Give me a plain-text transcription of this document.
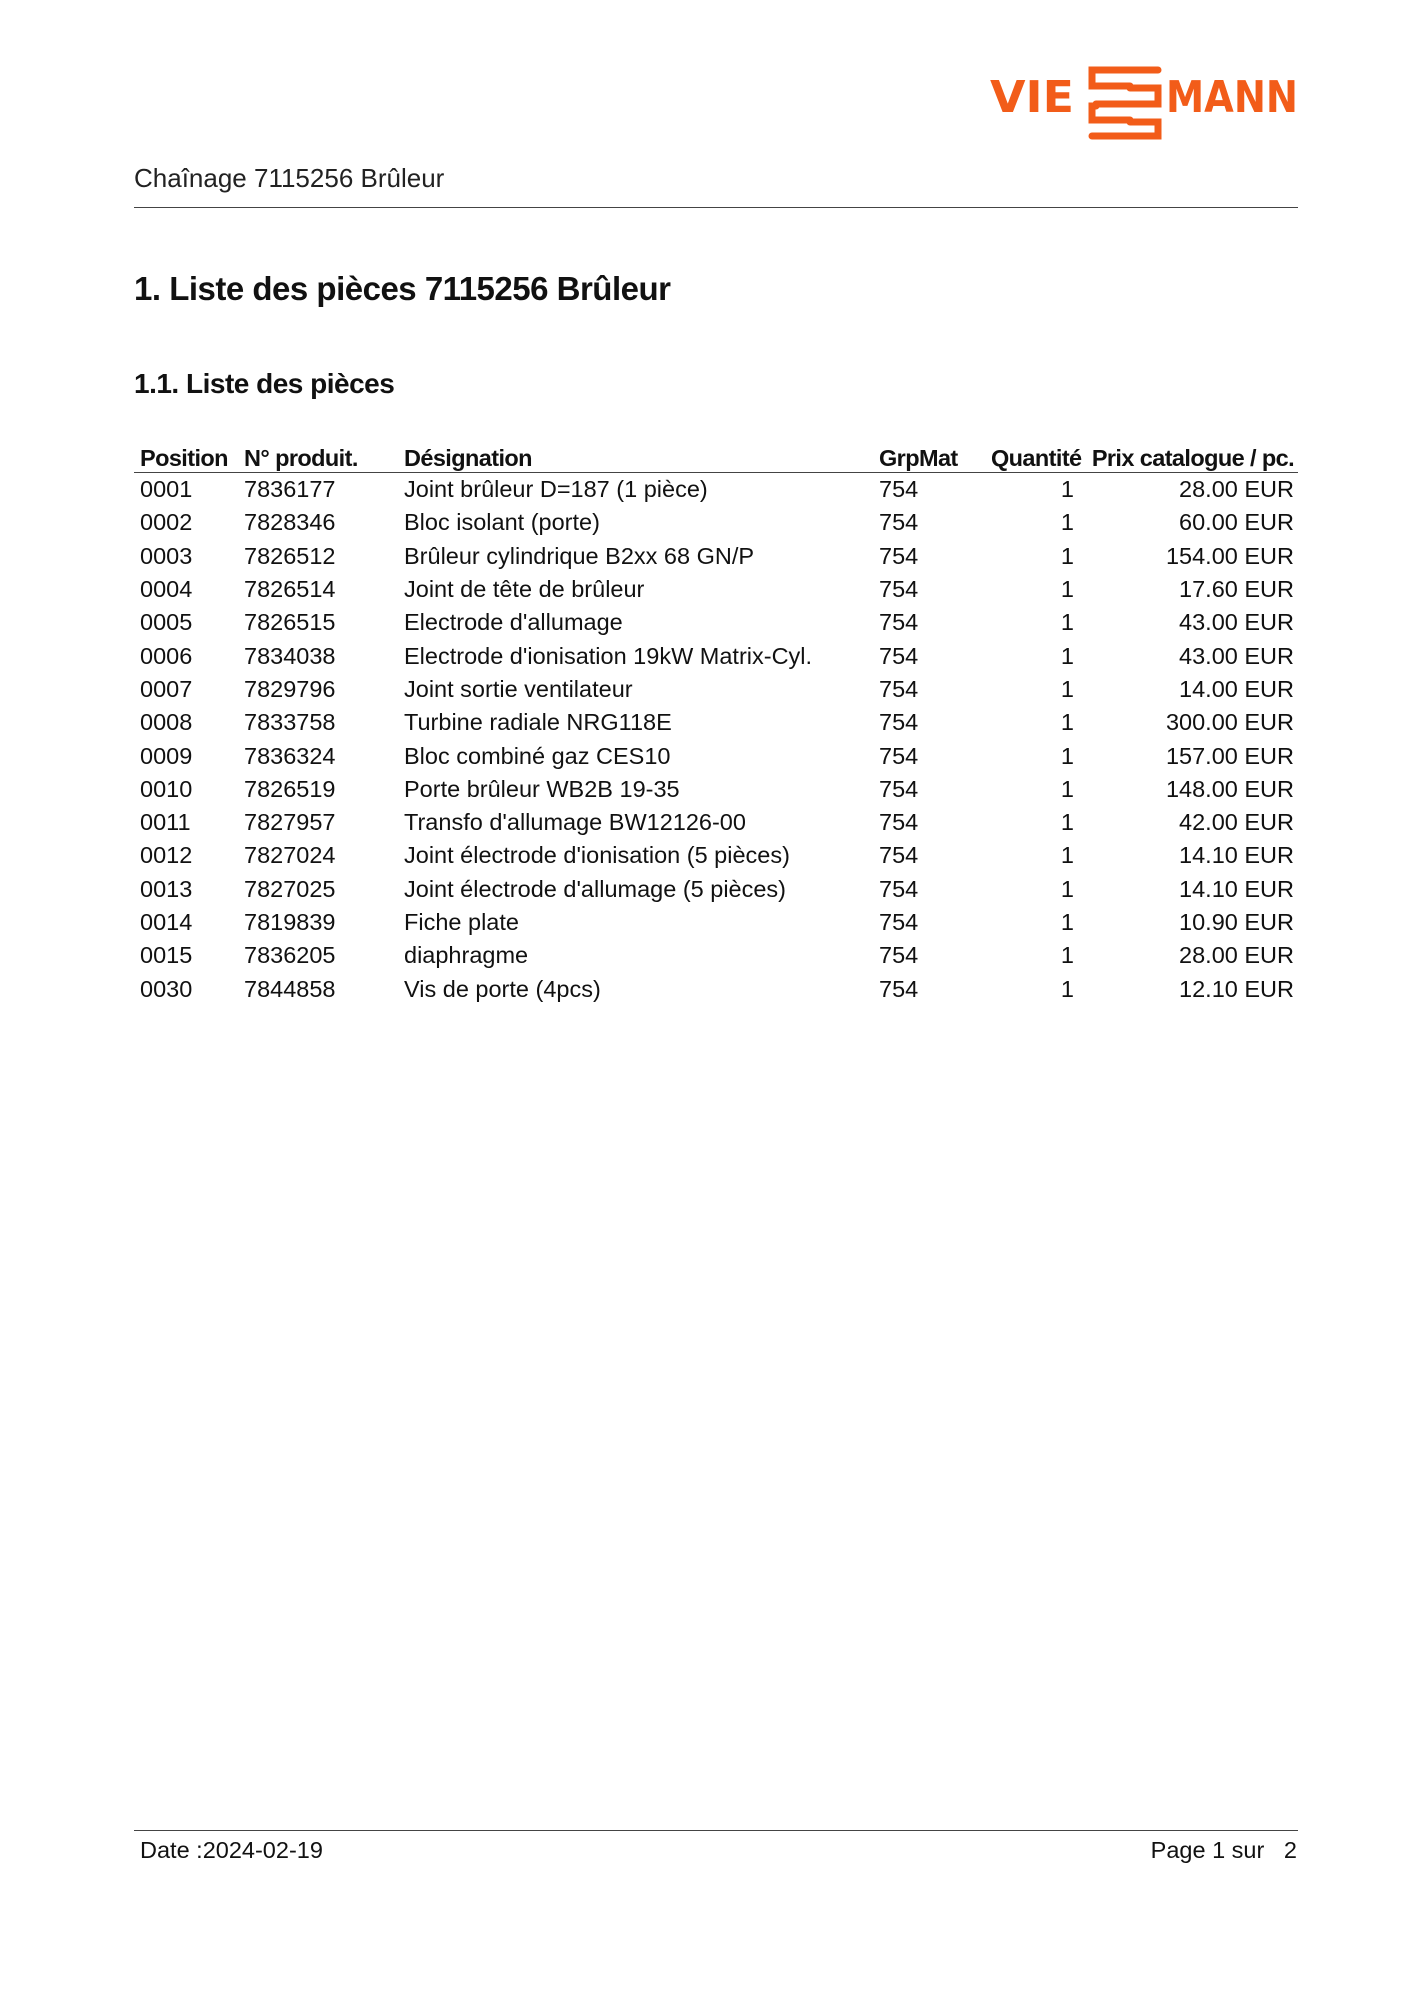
VIE MANN
Chaînage 7115256 Brûleur
1. Liste des pièces 7115256 Brûleur
1.1. Liste des pièces
Position	N° produit.	Désignation	GrpMat	Quantité	Prix catalogue / pc.
0001	7836177	Joint brûleur D=187 (1 pièce)	754	1	28.00 EUR
0002	7828346	Bloc isolant (porte)	754	1	60.00 EUR
0003	7826512	Brûleur cylindrique B2xx 68 GN/P	754	1	154.00 EUR
0004	7826514	Joint de tête de brûleur	754	1	17.60 EUR
0005	7826515	Electrode d'allumage	754	1	43.00 EUR
0006	7834038	Electrode d'ionisation 19kW Matrix-Cyl.	754	1	43.00 EUR
0007	7829796	Joint sortie ventilateur	754	1	14.00 EUR
0008	7833758	Turbine radiale NRG118E	754	1	300.00 EUR
0009	7836324	Bloc combiné gaz CES10	754	1	157.00 EUR
0010	7826519	Porte brûleur WB2B 19-35	754	1	148.00 EUR
0011	7827957	Transfo d'allumage BW12126-00	754	1	42.00 EUR
0012	7827024	Joint électrode d'ionisation (5 pièces)	754	1	14.10 EUR
0013	7827025	Joint électrode d'allumage (5 pièces)	754	1	14.10 EUR
0014	7819839	Fiche plate	754	1	10.90 EUR
0015	7836205	diaphragme	754	1	28.00 EUR
0030	7844858	Vis de porte (4pcs)	754	1	12.10 EUR
Date :2024-02-19	Page 1 sur   2
